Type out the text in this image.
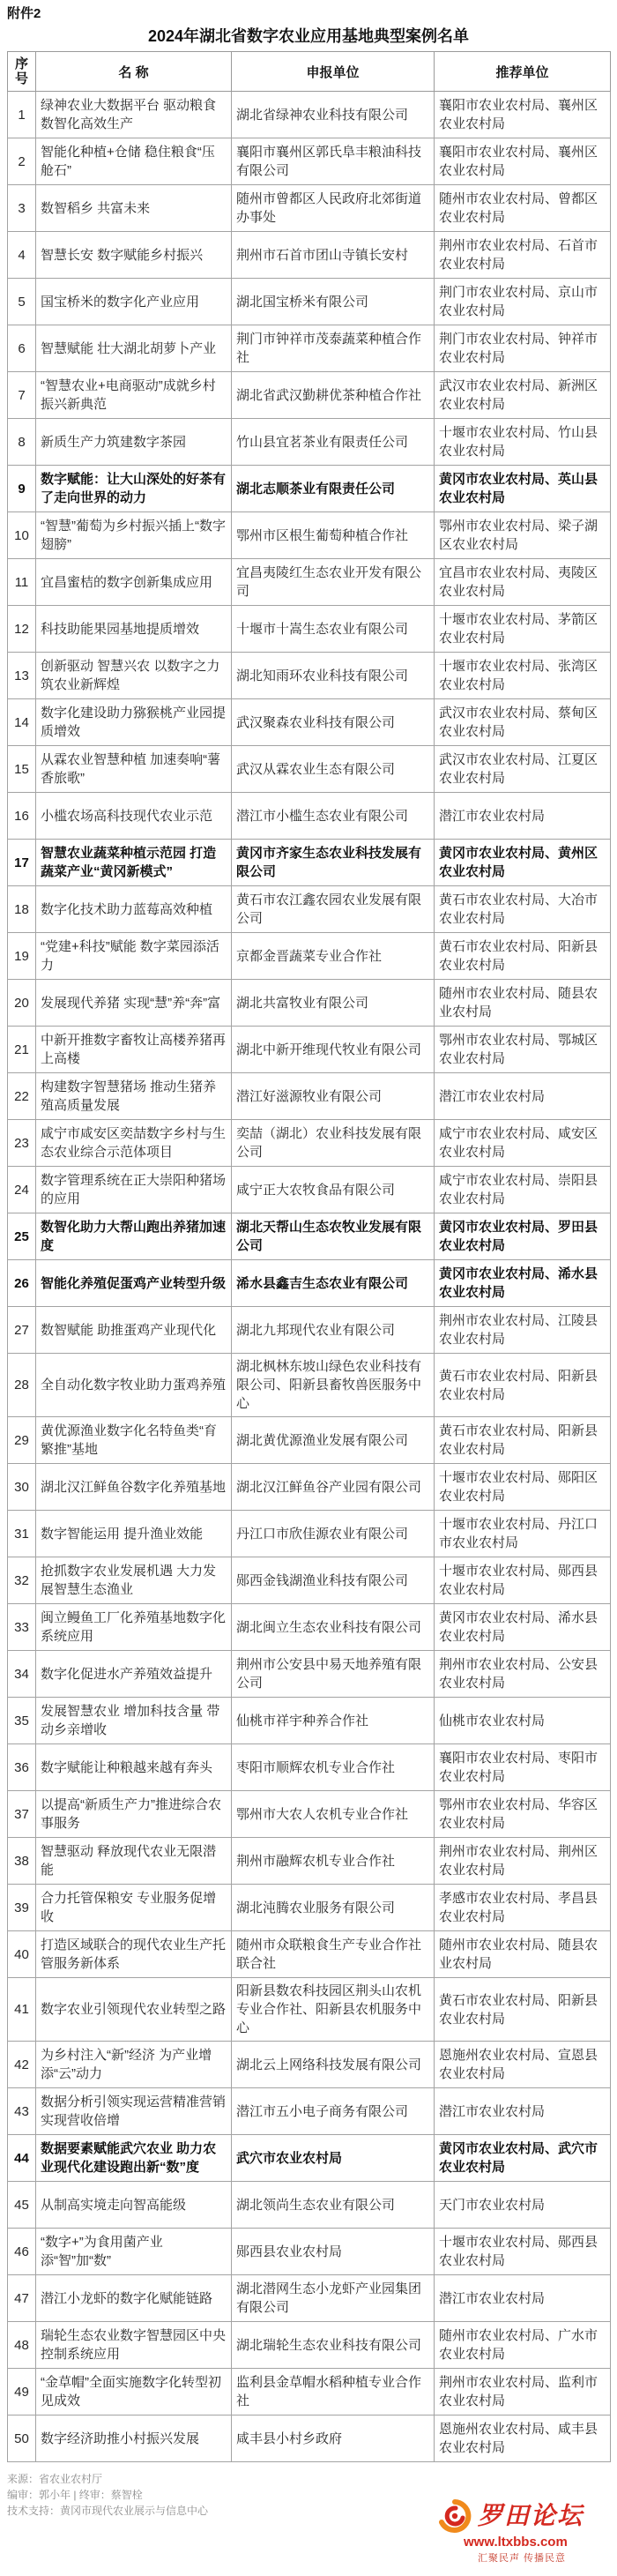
附件2
2024年湖北省数字农业应用基地典型案例名单
序号	名 称	申报单位	推荐单位
1	绿神农业大数据平台 驱动粮食数智化高效生产	湖北省绿神农业科技有限公司	襄阳市农业农村局、襄州区农业农村局
2	智能化种植+仓储 稳住粮食“压舱石”	襄阳市襄州区郭氏阜丰粮油科技有限公司	襄阳市农业农村局、襄州区农业农村局
3	数智稻乡 共富未来	随州市曾都区人民政府北郊街道办事处	随州市农业农村局、曾都区农业农村局
4	智慧长安 数字赋能乡村振兴	荆州市石首市团山寺镇长安村	荆州市农业农村局、石首市农业农村局
5	国宝桥米的数字化产业应用	湖北国宝桥米有限公司	荆门市农业农村局、京山市农业农村局
6	智慧赋能 壮大湖北胡萝卜产业	荆门市钟祥市茂泰蔬菜种植合作社	荆门市农业农村局、钟祥市农业农村局
7	“智慧农业+电商驱动”成就乡村振兴新典范	湖北省武汉勤耕优茶种植合作社	武汉市农业农村局、新洲区农业农村局
8	新质生产力筑建数字茶园	竹山县宜茗茶业有限责任公司	十堰市农业农村局、竹山县农业农村局
9	数字赋能：让大山深处的好茶有了走向世界的动力	湖北志顺茶业有限责任公司	黄冈市农业农村局、英山县农业农村局
10	“智慧”葡萄为乡村振兴插上“数字翅膀”	鄂州市区根生葡萄种植合作社	鄂州市农业农村局、梁子湖区农业农村局
11	宜昌蜜桔的数字创新集成应用	宜昌夷陵红生态农业开发有限公司	宜昌市农业农村局、夷陵区农业农村局
12	科技助能果园基地提质增效	十堰市十嵩生态农业有限公司	十堰市农业农村局、茅箭区农业农村局
13	创新驱动 智慧兴农 以数字之力筑农业新辉煌	湖北知雨环农业科技有限公司	十堰市农业农村局、张湾区农业农村局
14	数字化建设助力猕猴桃产业园提质增效	武汉聚森农业科技有限公司	武汉市农业农村局、蔡甸区农业农村局
15	从霖农业智慧种植 加速奏响“薯香旅歌”	武汉从霖农业生态有限公司	武汉市农业农村局、江夏区农业农村局
16	小槛农场高科技现代农业示范	潜江市小槛生态农业有限公司	潜江市农业农村局
17	智慧农业蔬菜种植示范园 打造蔬菜产业“黄冈新模式”	黄冈市齐家生态农业科技发展有限公司	黄冈市农业农村局、黄州区农业农村局
18	数字化技术助力蓝莓高效种植	黄石市农江鑫农园农业发展有限公司	黄石市农业农村局、大冶市农业农村局
19	“党建+科技”赋能 数字菜园添活力	京都金晋蔬菜专业合作社	黄石市农业农村局、阳新县农业农村局
20	发展现代养猪 实现“慧”养“奔”富	湖北共富牧业有限公司	随州市农业农村局、随县农业农村局
21	中新开推数字畜牧让高楼养猪再上高楼	湖北中新开维现代牧业有限公司	鄂州市农业农村局、鄂城区农业农村局
22	构建数字智慧猪场 推动生猪养殖高质量发展	潜江好滋源牧业有限公司	潜江市农业农村局
23	咸宁市咸安区奕喆数字乡村与生态农业综合示范体项目	奕喆（湖北）农业科技发展有限公司	咸宁市农业农村局、咸安区农业农村局
24	数字管理系统在正大崇阳种猪场的应用	咸宁正大农牧食品有限公司	咸宁市农业农村局、崇阳县农业农村局
25	数智化助力大帮山跑出养猪加速度	湖北天帮山生态农牧业发展有限公司	黄冈市农业农村局、罗田县农业农村局
26	智能化养殖促蛋鸡产业转型升级	浠水县鑫吉生态农业有限公司	黄冈市农业农村局、浠水县农业农村局
27	数智赋能 助推蛋鸡产业现代化	湖北九邦现代农业有限公司	荆州市农业农村局、江陵县农业农村局
28	全自动化数字牧业助力蛋鸡养殖	湖北枫林东坡山绿色农业科技有限公司、阳新县畜牧兽医服务中心	黄石市农业农村局、阳新县农业农村局
29	黄优源渔业数字化名特鱼类“育繁推”基地	湖北黄优源渔业发展有限公司	黄石市农业农村局、阳新县农业农村局
30	湖北汉江鲜鱼谷数字化养殖基地	湖北汉江鲜鱼谷产业园有限公司	十堰市农业农村局、郧阳区农业农村局
31	数字智能运用 提升渔业效能	丹江口市欣佳源农业有限公司	十堰市农业农村局、丹江口市农业农村局
32	抢抓数字农业发展机遇 大力发展智慧生态渔业	郧西金钱湖渔业科技有限公司	十堰市农业农村局、郧西县农业农村局
33	闽立鳗鱼工厂化养殖基地数字化系统应用	湖北闽立生态农业科技有限公司	黄冈市农业农村局、浠水县农业农村局
34	数字化促进水产养殖效益提升	荆州市公安县中易天地养殖有限公司	荆州市农业农村局、公安县农业农村局
35	发展智慧农业 增加科技含量 带动乡亲增收	仙桃市祥宇种养合作社	仙桃市农业农村局
36	数字赋能让种粮越来越有奔头	枣阳市顺辉农机专业合作社	襄阳市农业农村局、枣阳市农业农村局
37	以提高“新质生产力”推进综合农事服务	鄂州市大农人农机专业合作社	鄂州市农业农村局、华容区农业农村局
38	智慧驱动 释放现代农业无限潜能	荆州市融辉农机专业合作社	荆州市农业农村局、荆州区农业农村局
39	合力托管保粮安 专业服务促增收	湖北沌腾农业服务有限公司	孝感市农业农村局、孝昌县农业农村局
40	打造区域联合的现代农业生产托管服务新体系	随州市众联粮食生产专业合作社联合社	随州市农业农村局、随县农业农村局
41	数字农业引领现代农业转型之路	阳新县数农科技园区荆头山农机专业合作社、阳新县农机服务中心	黄石市农业农村局、阳新县农业农村局
42	为乡村注入“新”经济 为产业增添“云”动力	湖北云上网络科技发展有限公司	恩施州农业农村局、宣恩县农业农村局
43	数据分析引领实现运营精准营销实现营收倍增	潜江市五小电子商务有限公司	潜江市农业农村局
44	数据要素赋能武穴农业 助力农业现代化建设跑出新“数”度	武穴市农业农村局	黄冈市农业农村局、武穴市农业农村局
45	从制高实境走向智高能级	湖北领尚生态农业有限公司	天门市农业农村局
46	“数字+”为食用菌产业添“智”加“数”	郧西县农业农村局	十堰市农业农村局、郧西县农业农村局
47	潜江小龙虾的数字化赋能链路	湖北潜网生态小龙虾产业园集团有限公司	潜江市农业农村局
48	瑞轮生态农业数字智慧园区中央控制系统应用	湖北瑞轮生态农业科技有限公司	随州市农业农村局、广水市农业农村局
49	“金草帽”全面实施数字化转型初见成效	监利县金草帽水稻种植专业合作社	荆州市农业农村局、监利市农业农村局
50	数字经济助推小村振兴发展	咸丰县小村乡政府	恩施州农业农村局、咸丰县农业农村局
来源：省农业农村厅
编审：郭小年 | 终审：蔡智栓
技术支持：黄冈市现代农业展示与信息中心	罗田论坛
www.ltxbbs.com
汇聚民声 传播民意
